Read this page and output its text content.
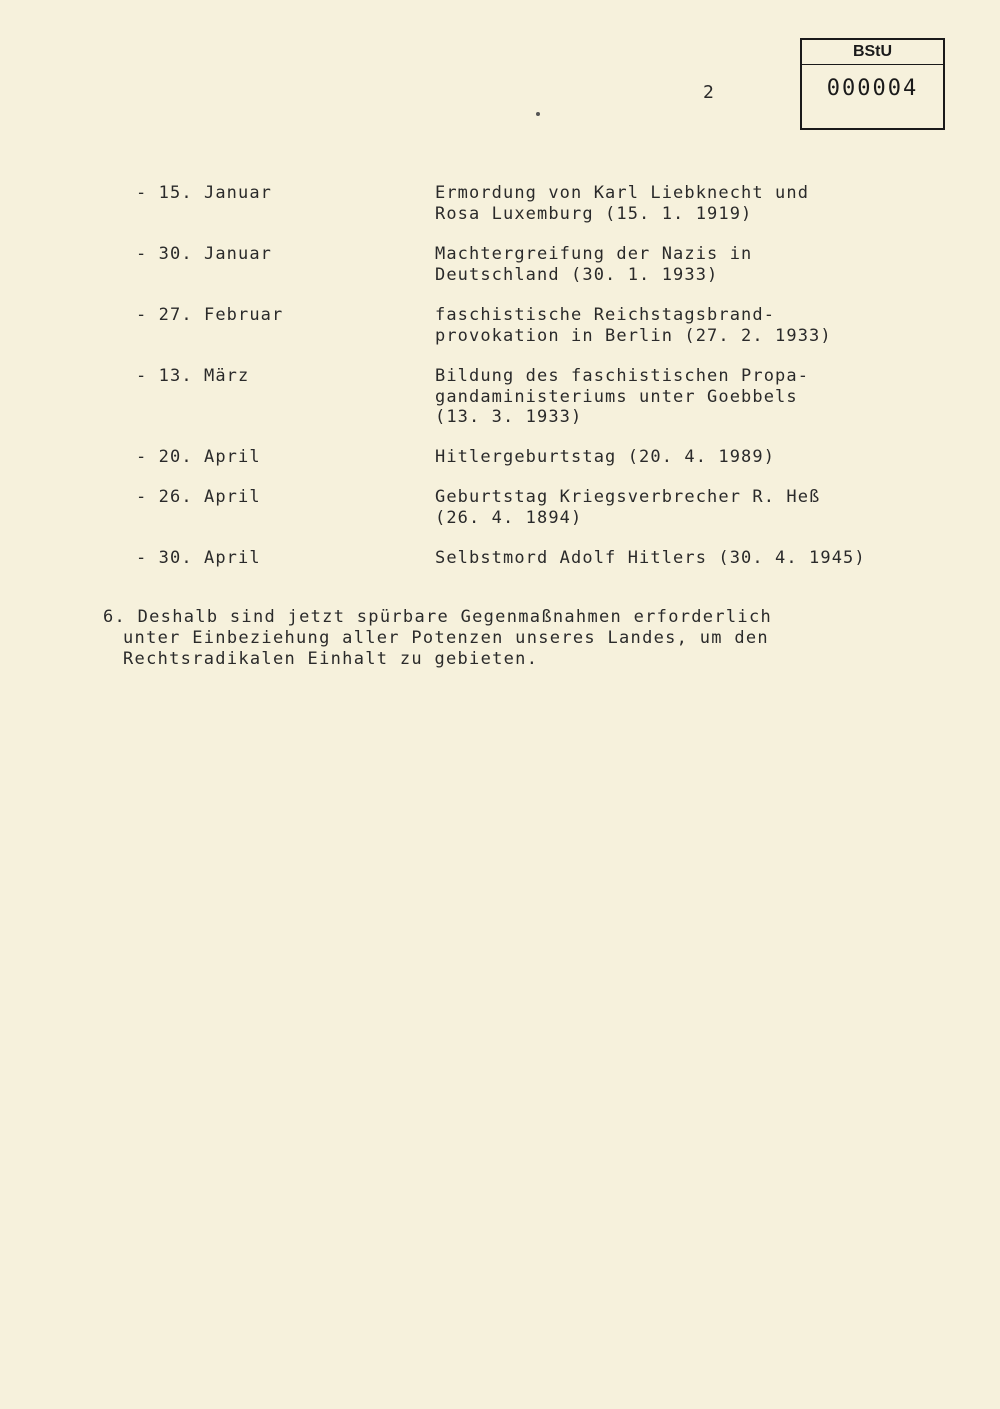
2
BStU
000004
- 15. Januar	Ermordung von Karl Liebknecht und
Rosa Luxemburg (15. 1. 1919)
- 30. Januar	Machtergreifung der Nazis in
Deutschland (30. 1. 1933)
- 27. Februar	faschistische Reichstagsbrand-
provokation in Berlin (27. 2. 1933)
- 13. März	Bildung des faschistischen Propa-
gandaministeriums unter Goebbels
(13. 3. 1933)
- 20. April	Hitlergeburtstag (20. 4. 1989)
- 26. April	Geburtstag Kriegsverbrecher R. Heß
(26. 4. 1894)
- 30. April	Selbstmord Adolf Hitlers (30. 4. 1945)
6. Deshalb sind jetzt spürbare Gegenmaßnahmen erforderlich
unter Einbeziehung aller Potenzen unseres Landes, um den
Rechtsradikalen Einhalt zu gebieten.
